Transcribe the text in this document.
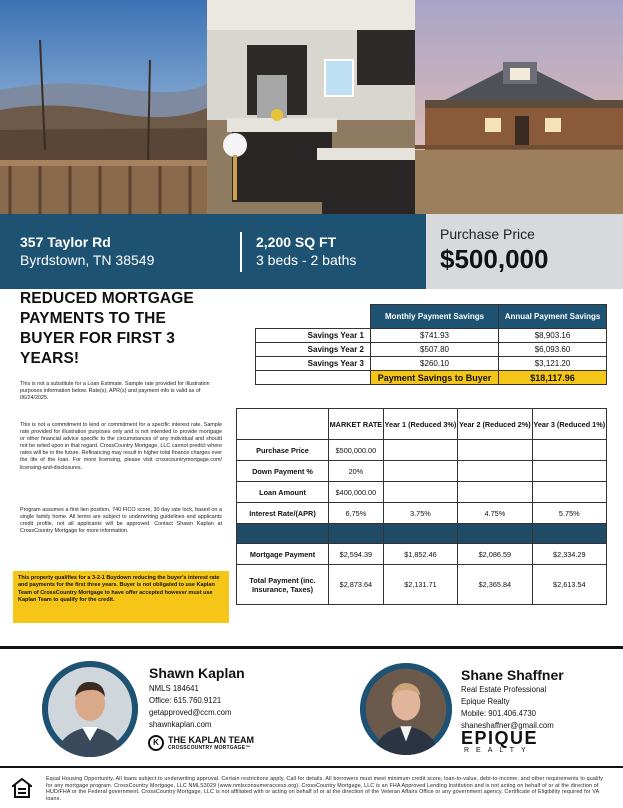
357 Taylor Rd
Byrdstown, TN 38549
2,200 SQ FT
3 beds - 2 baths
Purchase Price
$500,000
REDUCED MORTGAGE PAYMENTS TO THE BUYER FOR FIRST 3 YEARS!
This is not a substitute for a Loan Estimate. Sample rate provided for illustration purposes information below. Rate(s), APR(s) and payment info is valid as of 06/24/2025.
This is not a commitment to lend or commitment for a specific interest rate. Sample rate provided for illustration purposes only and is not intended to provide mortgage or other financial advice specific to the circumstances of any individual and should not be relied upon in that regard. CrossCountry Mortgage, LLC cannot predict where rates will be in the future. Refinancing may result in higher total finance charges over the life of the loan. For more licensing, please visit crosscountrymortgage.com/ licensing-and-disclosures.
Program assumes a first lien position, 740 FICO score, 30 day rate lock, based on a single family home. All terms are subject to underwriting guidelines and applicants credit profile, not all applicants will be approved. Contact Shawn Kaplan at CrossCountry Mortgage for more information.
This property qualifies for a 3-2-1 Buydown reducing the buyer's interest rate and payments for the first three years. Buyer is not obligated to use Kaplan Team of CrossCountry Mortgage to have offer accepted however must use Kaplan Team to qualify for the credit.
	Monthly Payment Savings	Annual Payment Savings
Savings Year 1	$741.93	$8,903.16
Savings Year 2	$507.80	$6,093.60
Savings Year 3	$260.10	$3,121.20
	Payment Savings to Buyer	$18,117.96
	MARKET RATE	Year 1 (Reduced 3%)	Year 2 (Reduced 2%)	Year 3 (Reduced 1%)
Purchase Price	$500,000.00			
Down Payment %	20%			
Loan Amount	$400,000.00			
Interest Rate/(APR)	6.75%	3.75%	4.75%	5.75%

Mortgage Payment	$2,594.39	$1,852.46	$2,086.59	$2,334.29
Total Payment (inc. Insurance, Taxes)	$2,873.64	$2,131.71	$2,365.84	$2,613.54
Shawn Kaplan
NMLS 184641
Office: 615.760.9121
getapproved@ccm.com
shawnkaplan.com
K	THE KAPLAN TEAM
CROSSCOUNTRY MORTGAGE™
Shane Shaffner
Real Estate Professional
Epique Realty
Mobile: 901.406.4730
shaneshaffner@gmail.com
EPIQUE
REALTY
Equal Housing Opportunity. All loans subject to underwriting approval. Certain restrictions apply. Call for details. All borrowers must meet minimum credit score, loan-to-value, debt-to-income, and other requirements to qualify for any mortgage program. CrossCountry Mortgage, LLC NMLS3029 (www.nmlsconsumeraccess.org). CrossCountry Mortgage, LLC is an FHA Approved Lending Institution and is not acting on behalf of or at the direction of HUD/FHA or the Federal government. CrossCountry Mortgage, LLC is not affiliated with or acting on behalf of or at the direction of the Veteran Affairs Office or any government agency. Certificate of Eligibility required for VA loans.
